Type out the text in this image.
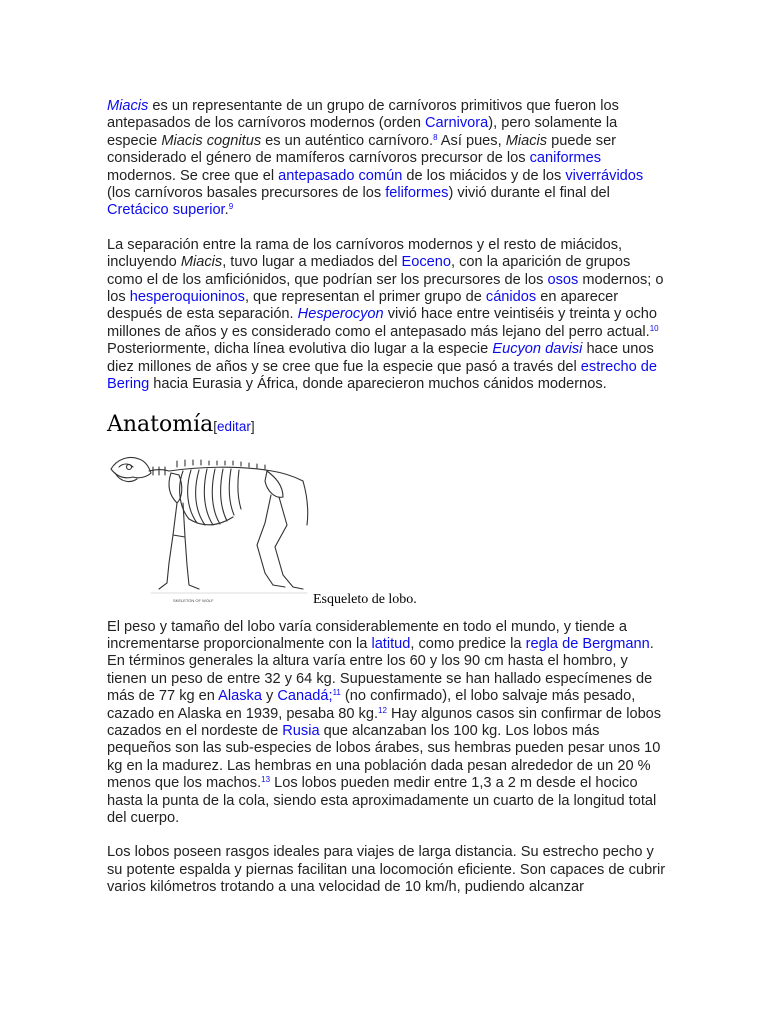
Miacis es un representante de un grupo de carnívoros primitivos que fueron los antepasados de los carnívoros modernos (orden Carnivora), pero solamente la especie Miacis cognitus es un auténtico carnívoro.$^8$ Así pues, Miacis puede ser considerado el género de mamíferos carnívoros precursor de los caniformes modernos. Se cree que el antepasado común de los miácidos y de los viverrávidos (los carnívoros basales precursores de los feliformes) vivió durante el final del Cretácico superior.$^9$

La separación entre la rama de los carnívoros modernos y el resto de miácidos, incluyendo Miacis, tuvo lugar a mediados del Eoceno, con la aparición de grupos como el de los amficiónidos, que podrían ser los precursores de los osos modernos; o los hesperoquioninos, que representan el primer grupo de cánidos en aparecer después de esta separación. Hesperocyon vivió hace entre veintiséis y treinta y ocho millones de años y es considerado como el antepasado más lejano del perro actual.$^{10}$ Posteriormente, dicha línea evolutiva dio lugar a la especie Eucyon davisi hace unos diez millones de años y se cree que fue la especie que pasó a través del estrecho de Bering hacia Eurasia y África, donde aparecieron muchos cánidos modernos.

Anatomía[editar]
SKELETON OF WOLF	Esqueleto de lobo.

El peso y tamaño del lobo varía considerablemente en todo el mundo, y tiende a incrementarse proporcionalmente con la latitud, como predice la regla de Bergmann. En términos generales la altura varía entre los 60 y los 90 cm hasta el hombro, y tienen un peso de entre 32 y 64 kg. Supuestamente se han hallado especímenes de más de 77 kg en Alaska y Canadá;$^{11}$ (no confirmado), el lobo salvaje más pesado, cazado en Alaska en 1939, pesaba 80 kg.$^{12}$ Hay algunos casos sin confirmar de lobos cazados en el nordeste de Rusia que alcanzaban los 100 kg. Los lobos más pequeños son las sub-especies de lobos árabes, sus hembras pueden pesar unos 10 kg en la madurez. Las hembras en una población dada pesan alrededor de un 20 % menos que los machos.$^{13}$ Los lobos pueden medir entre 1,3 a 2 m desde el hocico hasta la punta de la cola, siendo esta aproximadamente un cuarto de la longitud total del cuerpo.

Los lobos poseen rasgos ideales para viajes de larga distancia. Su estrecho pecho y su potente espalda y piernas facilitan una locomoción eficiente. Son capaces de cubrir varios kilómetros trotando a una velocidad de 10 km/h, pudiendo alcanzar
